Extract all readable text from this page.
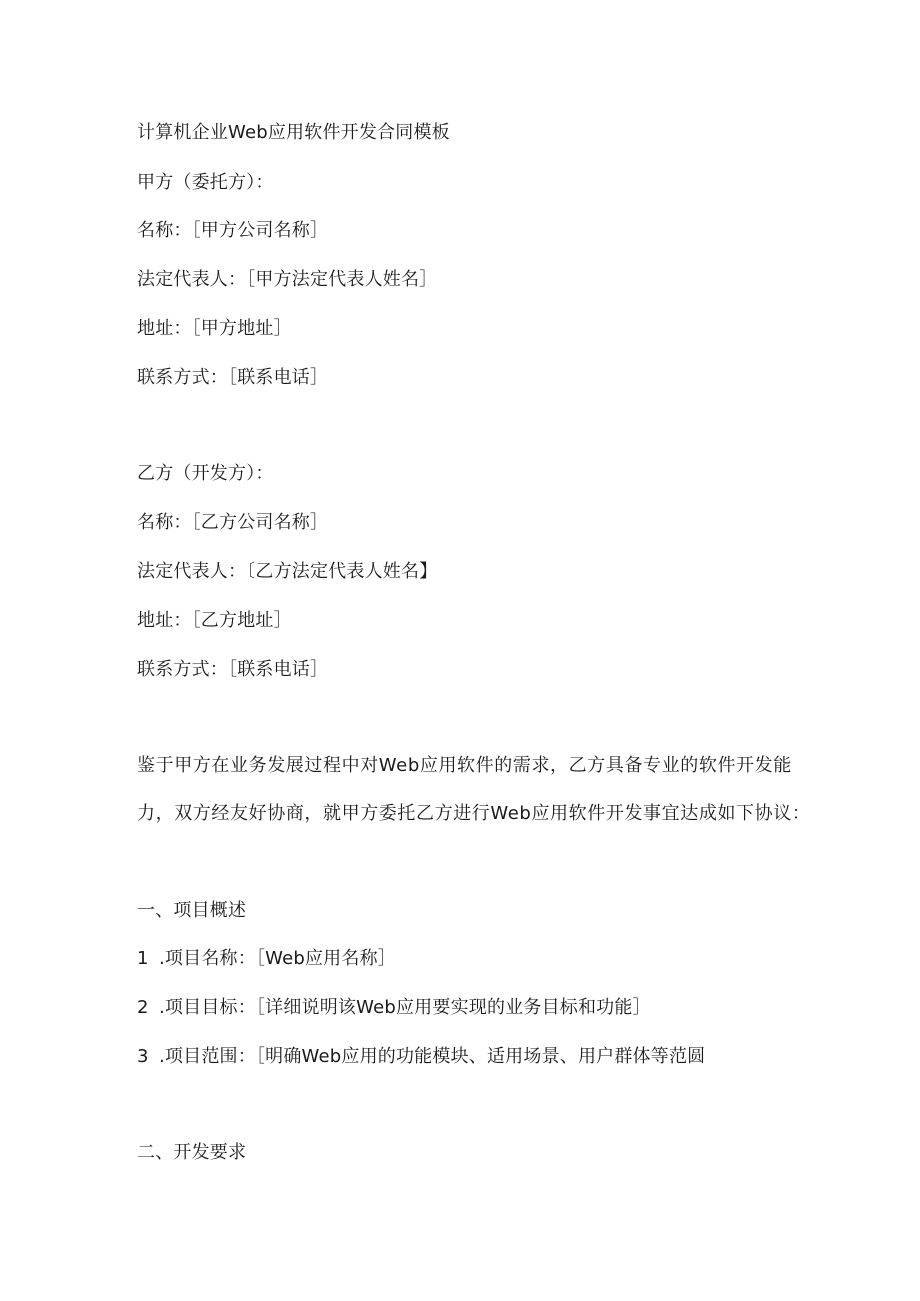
计算机企业Web应用软件开发合同模板
甲方（委托方）：
名称：［甲方公司名称］
法定代表人：［甲方法定代表人姓名］
地址：［甲方地址］
联系方式：［联系电话］
乙方（开发方）：
名称：［乙方公司名称］
法定代表人：〔乙方法定代表人姓名】
地址：［乙方地址］
联系方式：［联系电话］
鉴于甲方在业务发展过程中对Web应用软件的需求，乙方具备专业的软件开发能
力，双方经友好协商，就甲方委托乙方进行Web应用软件开发事宜达成如下协议：
一、项目概述
1 .项目名称：［Web应用名称］
2 .项目目标：［详细说明该Web应用要实现的业务目标和功能］
3 .项目范围：［明确Web应用的功能模块、适用场景、用户群体等范圆
二、开发要求
